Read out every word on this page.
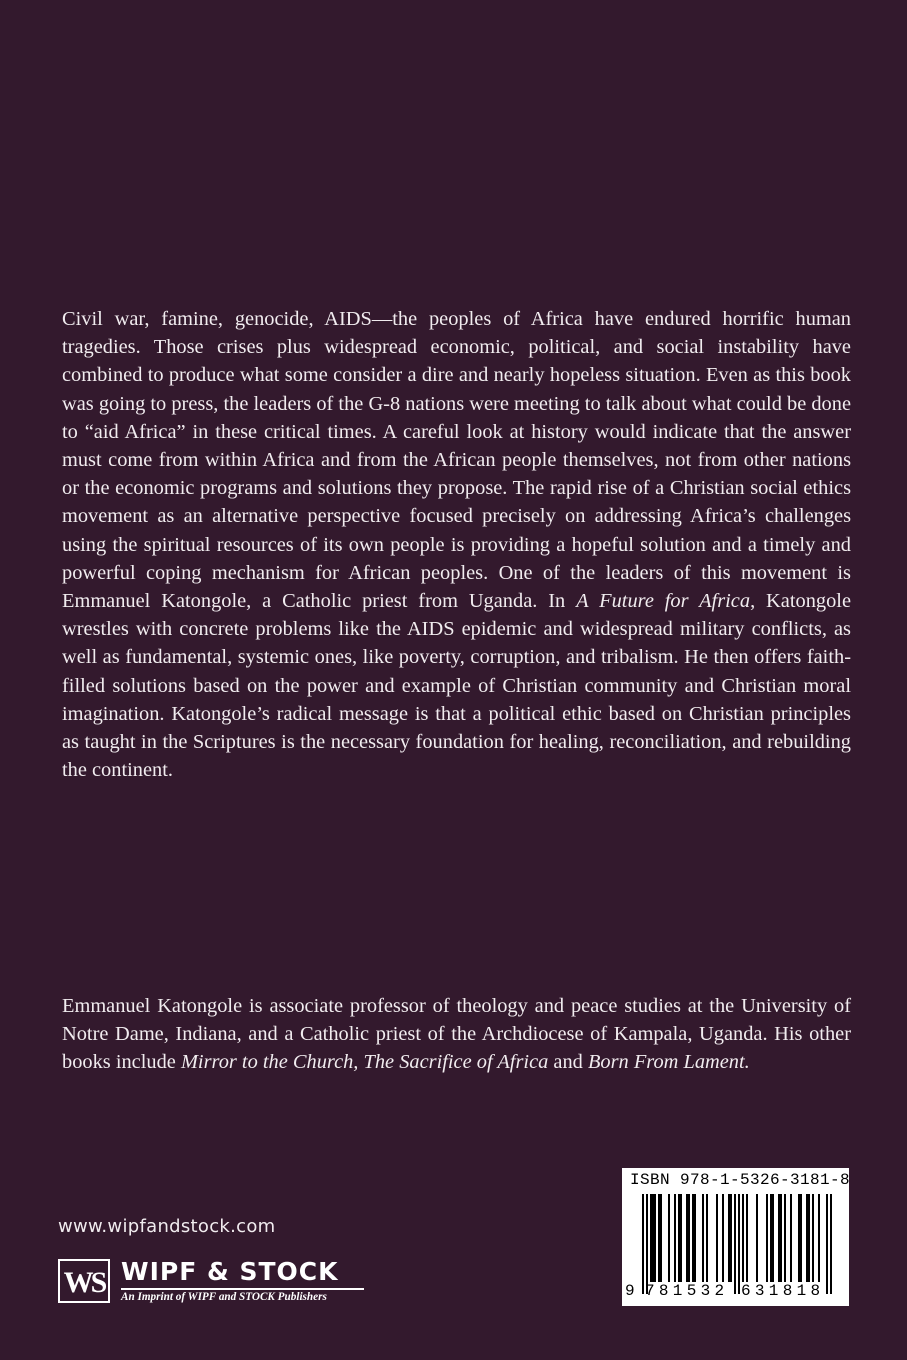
Civil war, famine, genocide, AIDS—the peoples of Africa have endured horrific human tragedies. Those crises plus widespread economic, political, and social instability have combined to produce what some consider a dire and nearly hopeless situation. Even as this book was going to press, the leaders of the G-8 nations were meeting to talk about what could be done to “aid Africa” in these critical times. A careful look at history would indicate that the answer must come from within Africa and from the African people themselves, not from other nations or the economic programs and solutions they propose. The rapid rise of a Christian social ethics movement as an alternative perspective focused precisely on addressing Africa’s challenges using the spiritual resources of its own people is providing a hopeful solution and a timely and powerful coping mechanism for African peoples. One of the leaders of this movement is Emmanuel Katongole, a Catholic priest from Uganda. In A Future for Africa, Katongole wrestles with concrete problems like the AIDS epidemic and widespread military conflicts, as well as fundamental, systemic ones, like poverty, corruption, and tribalism. He then offers faith-filled solutions based on the power and example of Christian community and Christian moral imagination. Katongole’s radical message is that a political ethic based on Christian principles as taught in the Scriptures is the necessary foundation for healing, reconciliation, and rebuilding the continent.

Emmanuel Katongole is associate professor of theology and peace studies at the University of Notre Dame, Indiana, and a Catholic priest of the Archdiocese of Kampala, Uganda. His other books include Mirror to the Church, The Sacrifice of Africa and Born From Lament.

www.wipfandstock.com
WS WIPF & STOCK
An Imprint of WIPF and STOCK Publishers
ISBN 978-1-5326-3181-8
9 781532 631818
